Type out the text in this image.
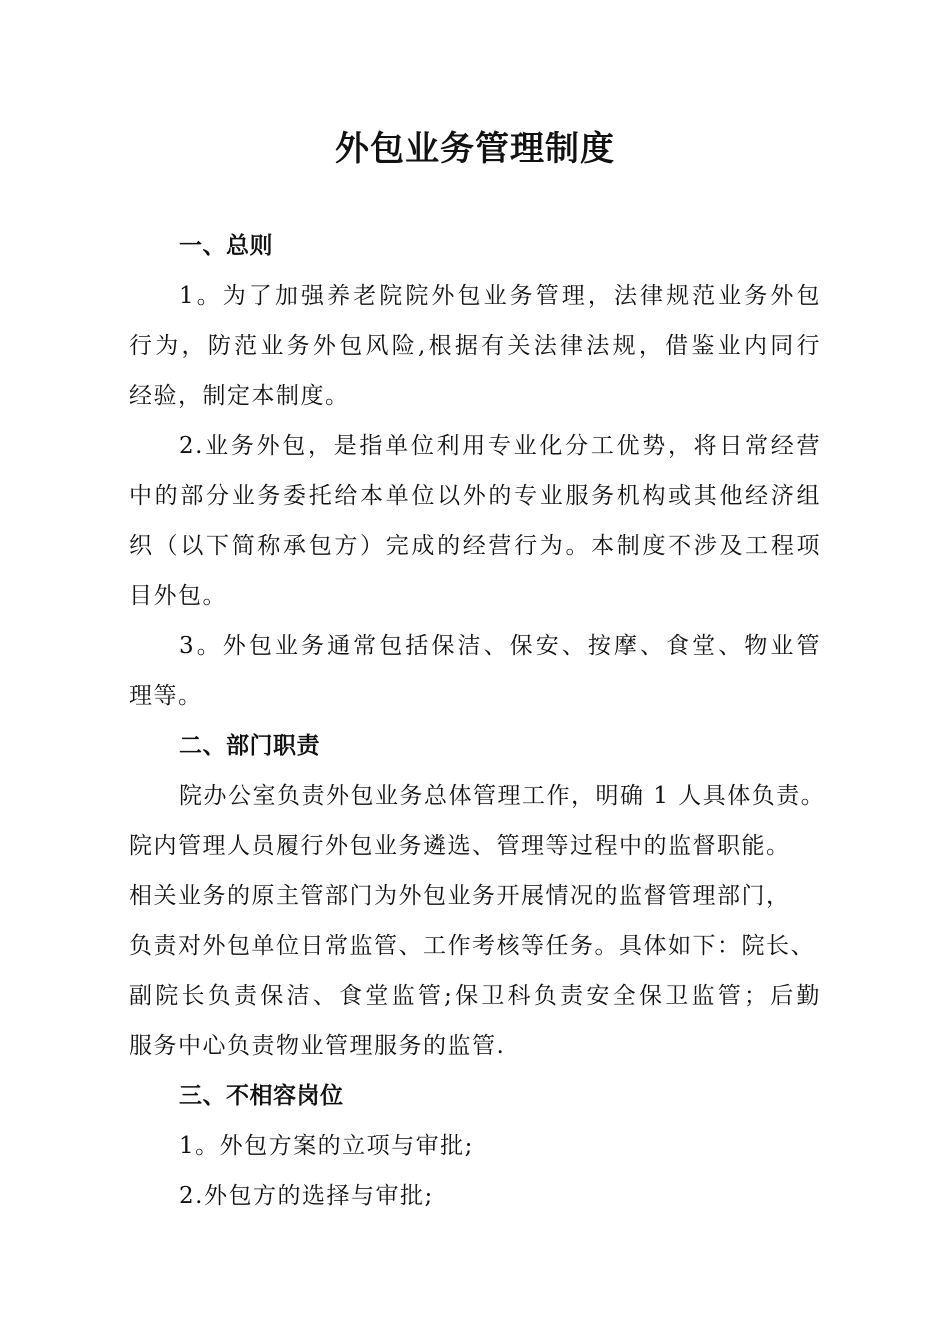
外包业务管理制度
一、总则
1。为了加强养老院院外包业务管理，法律规范业务外包
行为，防范业务外包风险,根据有关法律法规，借鉴业内同行
经验，制定本制度。
2.业务外包，是指单位利用专业化分工优势，将日常经营
中的部分业务委托给本单位以外的专业服务机构或其他经济组
织（以下简称承包方）完成的经营行为。本制度不涉及工程项
目外包。
3。外包业务通常包括保洁、保安、按摩、食堂、物业管
理等。
二、部门职责
院办公室负责外包业务总体管理工作，明确 1 人具体负责。
院内管理人员履行外包业务遴选、管理等过程中的监督职能。
相关业务的原主管部门为外包业务开展情况的监督管理部门，
负责对外包单位日常监管、工作考核等任务。具体如下：院长、
副院长负责保洁、食堂监管;保卫科负责安全保卫监管；后勤
服务中心负责物业管理服务的监管.
三、不相容岗位
1。外包方案的立项与审批;
2.外包方的选择与审批;
